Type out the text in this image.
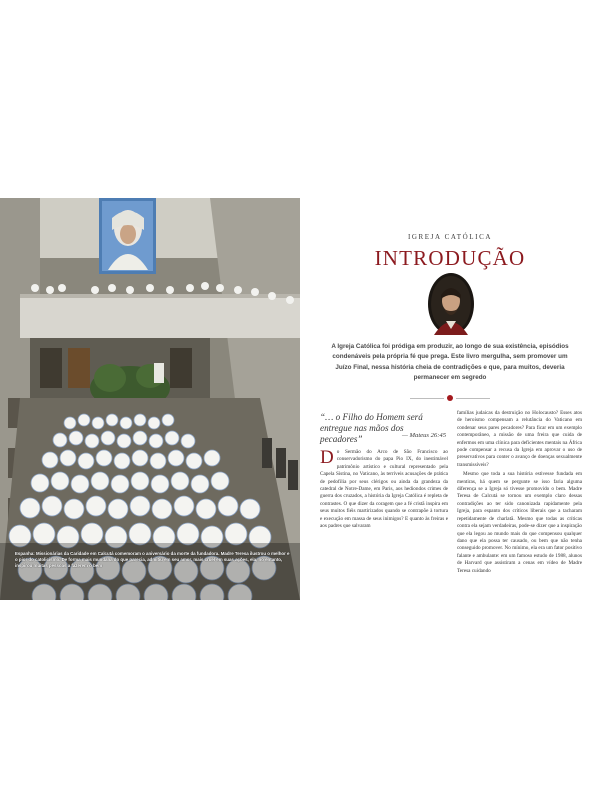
Espanha: Missionárias da Caridade em Calcutá comemoram o aniversário da morte da fundadora. Madre Teresa ilustrou o melhor e o pior do catolicismo. De forma mais mundana do que parecia, admitiu em seu amor, mais cruel em suas ações, ela, no entanto, inspirou muitas pessoas a fazerem o bem
IGREJA CATÓLICA
INTRODUÇÃO
A Igreja Católica foi pródiga em produzir, ao longo de sua existência, episódios condenáveis pela própria fé que prega. Este livro mergulha, sem promover um Juízo Final, nessa história cheia de contradições e que, para muitos, deveria permanecer em segredo
“… o Filho do Homem será entregue nas mãos dos pecadores”	— Mateus 26:45
Do Sermão do Arco de São Francisco ao conservadorismo do papa Pio IX, do inestimável patrimônio artístico e cultural representado pela Capela Sistina, no Vaticano, às terríveis acusações de prática de pedofilia por seus clérigos ou ainda da grandeza da catedral de Notre-Dame, em Paris, aos hediondos crimes de guerra dos cruzados, a história da Igreja Católica é repleta de contrastes. O que dizer da coragem que a fé cristã inspira em seus muitos fiéis martirizados quando se contrapõe à tortura e execução em massa de seus inimigos? E quanto às freiras e aos padres que salvaram

famílias judaicas da destruição no Holocausto? Esses atos de heroísmo compensam a relutância do Vaticano em condenar seus pares pecadores? Para ficar em um exemplo contemporâneo, a missão de uma freira que cuida de enfermos em uma clínica para deficientes mentais na África pode compensar a recusa da Igreja em aprovar o uso de preservativos para conter o avanço de doenças sexualmente transmissíveis?

Mesmo que toda a sua história estivesse fundada em mentiras, há quem se pergunte se isso faria alguma diferença se a Igreja só tivesse promovido o bem. Madre Teresa de Calcutá se tornou um exemplo claro dessas contradições ao ter sido canonizada rapidamente pela Igreja, para espanto dos críticos liberais que a tacharam repetidamente de charlatã. Mesmo que todas as críticas contra ela sejam verdadeiras, pode-se dizer que a inspiração que ela legou ao mundo mais do que compensou qualquer dano que ela possa ter causado, ou bem que não tenha conseguido promover. No mínimo, ela era um fator positivo falante e ambulante: em um famoso estudo de 1988, alunos de Harvard que assistiram a cenas em vídeo de Madre Teresa cuidando
